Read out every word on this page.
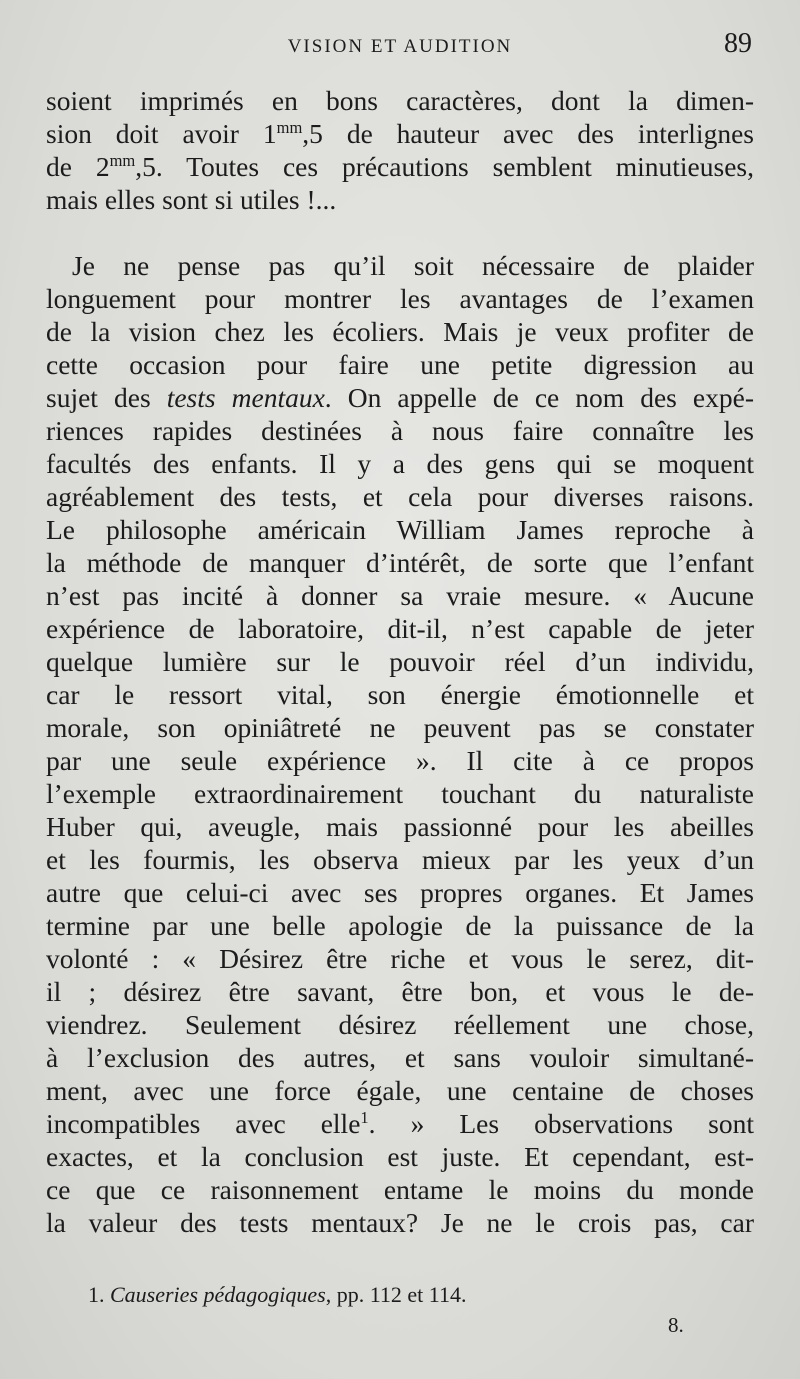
VISION ET AUDITION	89
soient imprimés en bons caractères, dont la dimen-
sion doit avoir $1^{mm},5$ de hauteur avec des interlignes
de $2^{mm},5$. Toutes ces précautions semblent minutieuses,
mais elles sont si utiles !...
Je ne pense pas qu’il soit nécessaire de plaider
longuement pour montrer les avantages de l’examen
de la vision chez les écoliers. Mais je veux profiter de
cette occasion pour faire une petite digression au
sujet des tests mentaux. On appelle de ce nom des expé-
riences rapides destinées à nous faire connaître les
facultés des enfants. Il y a des gens qui se moquent
agréablement des tests, et cela pour diverses raisons.
Le philosophe américain William James reproche à
la méthode de manquer d’intérêt, de sorte que l’enfant
n’est pas incité à donner sa vraie mesure. « Aucune
expérience de laboratoire, dit-il, n’est capable de jeter
quelque lumière sur le pouvoir réel d’un individu,
car le ressort vital, son énergie émotionnelle et
morale, son opiniâtreté ne peuvent pas se constater
par une seule expérience ». Il cite à ce propos
l’exemple extraordinairement touchant du naturaliste
Huber qui, aveugle, mais passionné pour les abeilles
et les fourmis, les observa mieux par les yeux d’un
autre que celui-ci avec ses propres organes. Et James
termine par une belle apologie de la puissance de la
volonté : « Désirez être riche et vous le serez, dit-
il ; désirez être savant, être bon, et vous le de-
viendrez. Seulement désirez réellement une chose,
à l’exclusion des autres, et sans vouloir simultané-
ment, avec une force égale, une centaine de choses
incompatibles avec elle$^1$. » Les observations sont
exactes, et la conclusion est juste. Et cependant, est-
ce que ce raisonnement entame le moins du monde
la valeur des tests mentaux? Je ne le crois pas, car
1. Causeries pédagogiques, pp. 112 et 114.
8.
